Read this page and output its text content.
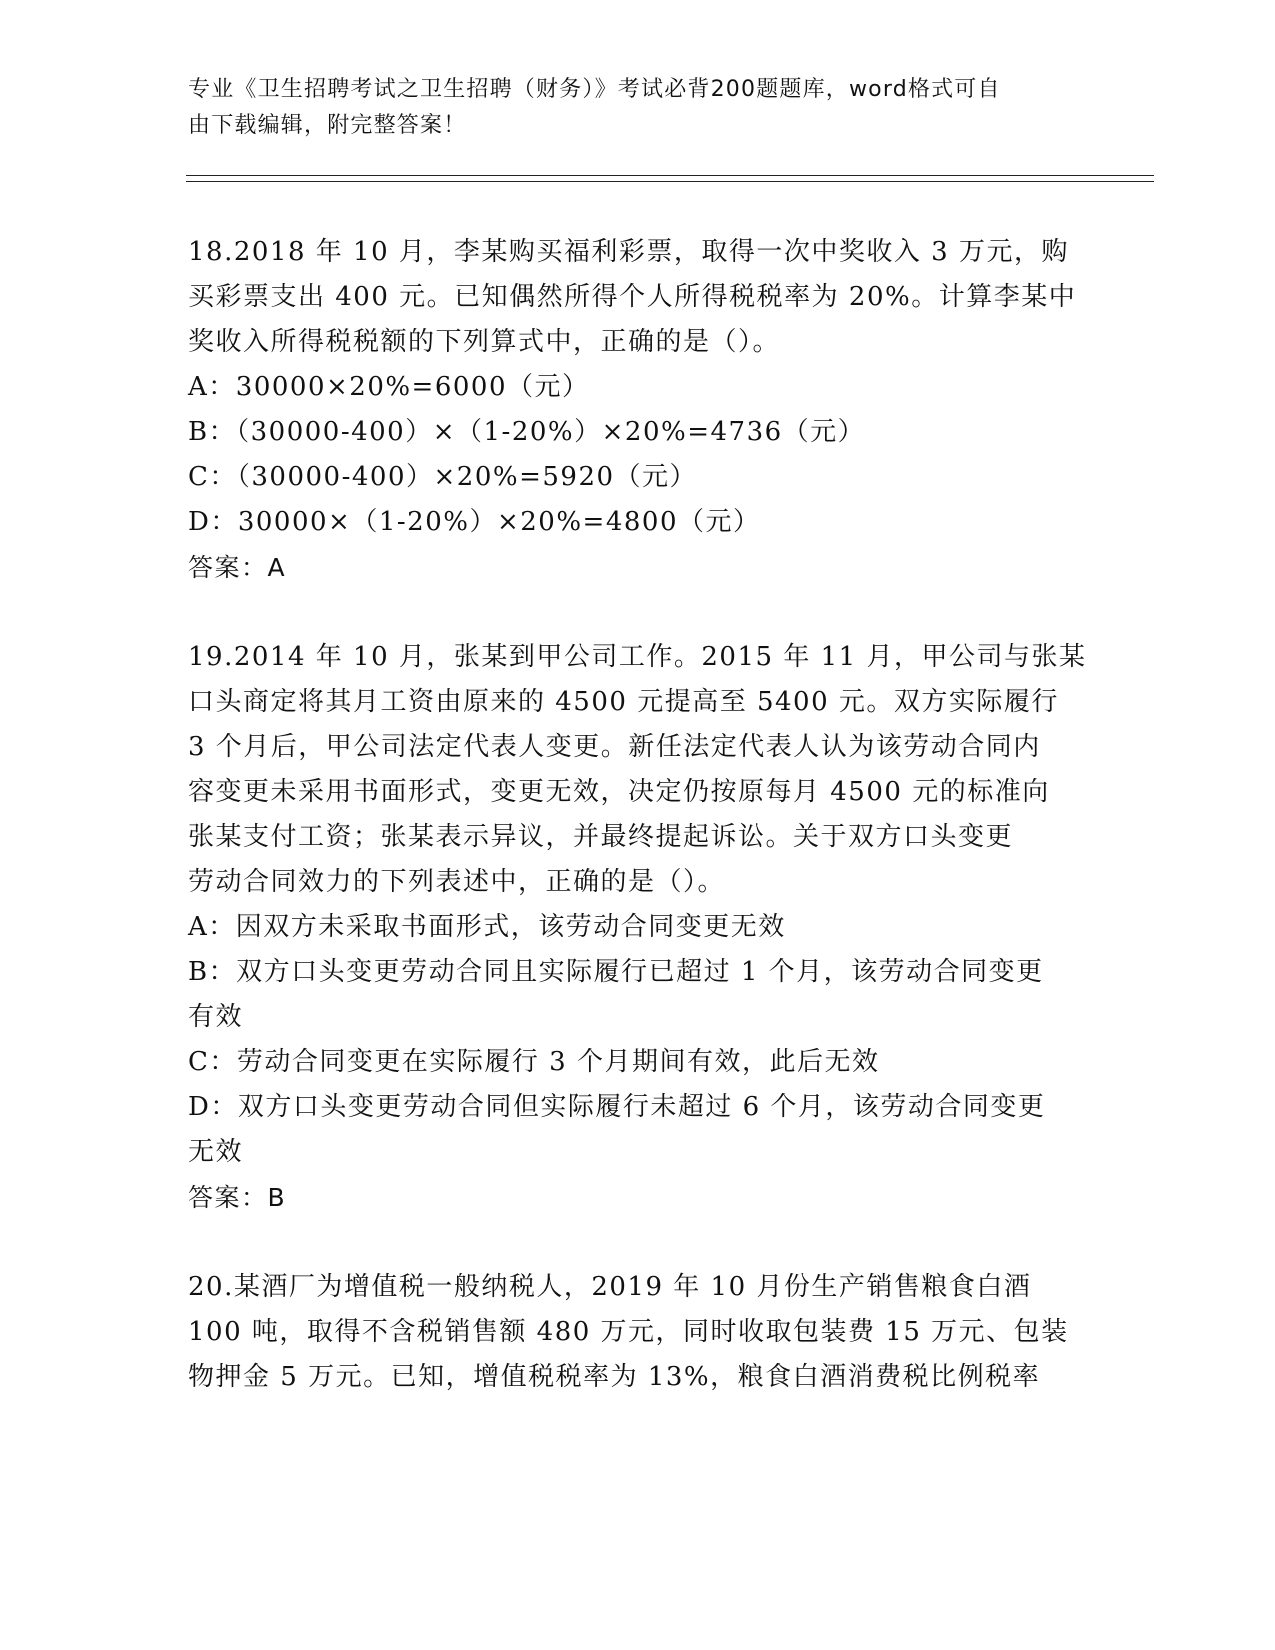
专业《卫生招聘考试之卫生招聘（财务）》考试必背200题题库，word格式可自
由下载编辑，附完整答案！
18.2018 年 10 月，李某购买福利彩票，取得一次中奖收入 3 万元，购
买彩票支出 400 元。已知偶然所得个人所得税税率为 20%。计算李某中
奖收入所得税税额的下列算式中，正确的是（）。
A：30000×20%=6000（元）
B：（30000-400）×（1-20%）×20%=4736（元）
C：（30000-400）×20%=5920（元）
D：30000×（1-20%）×20%=4800（元）
答案：A
19.2014 年 10 月，张某到甲公司工作。2015 年 11 月，甲公司与张某
口头商定将其月工资由原来的 4500 元提高至 5400 元。双方实际履行
3 个月后，甲公司法定代表人变更。新任法定代表人认为该劳动合同内
容变更未采用书面形式，变更无效，决定仍按原每月 4500 元的标准向
张某支付工资；张某表示异议，并最终提起诉讼。关于双方口头变更
劳动合同效力的下列表述中，正确的是（）。
A：因双方未采取书面形式，该劳动合同变更无效
B：双方口头变更劳动合同且实际履行已超过 1 个月，该劳动合同变更
有效
C：劳动合同变更在实际履行 3 个月期间有效，此后无效
D：双方口头变更劳动合同但实际履行未超过 6 个月，该劳动合同变更
无效
答案：B
20.某酒厂为增值税一般纳税人，2019 年 10 月份生产销售粮食白酒
100 吨，取得不含税销售额 480 万元，同时收取包装费 15 万元、包装
物押金 5 万元。已知，增值税税率为 13%，粮食白酒消费税比例税率
